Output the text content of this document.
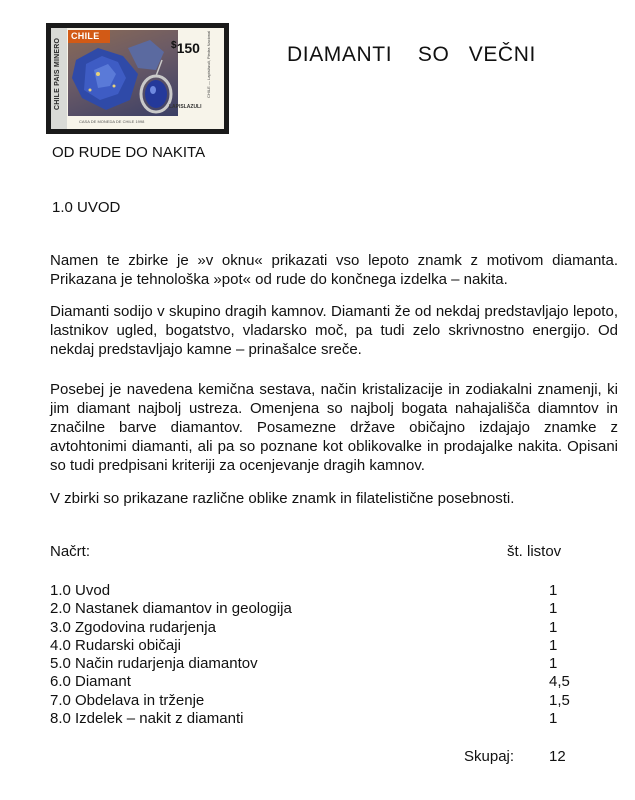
CHILE PAIS MINERO
CHILE
$150 CHILE — Lapislázuli, Piedra Nacional
LAPISLAZULI
CASA DE MONEDA DE CHILE 1998
DIAMANTI    SO   VEČNI
OD RUDE DO NAKITA
1.0 UVOD
Namen te zbirke je »v oknu« prikazati vso lepoto znamk z motivom diamanta. Prikazana je tehnološka »pot« od rude do končnega izdelka – nakita.
Diamanti sodijo v skupino dragih kamnov. Diamanti že od nekdaj predstavljajo lepoto, lastnikov ugled, bogatstvo, vladarsko moč, pa tudi zelo skrivnostno energijo. Od nekdaj predstavljajo kamne – prinašalce sreče.
Posebej je navedena kemična sestava, način kristalizacije in zodiakalni znamenji, ki jim diamant najbolj ustreza. Omenjena so najbolj bogata nahajališča diamntov in značilne barve diamantov. Posamezne države običajno izdajajo znamke z avtohtonimi diamanti, ali pa so poznane kot oblikovalke in prodajalke nakita. Opisani so tudi predpisani kriteriji za ocenjevanje dragih kamnov.
V zbirki so prikazane različne oblike znamk in filatelistične posebnosti.
Načrt:	št. listov
1.0 Uvod	1
2.0 Nastanek diamantov in geologija	1
3.0 Zgodovina rudarjenja	1
4.0 Rudarski običaji	1
5.0 Način rudarjenja diamantov	1
6.0 Diamant	4,5
7.0 Obdelava in trženje	1,5
8.0 Izdelek – nakit z diamanti	1
Skupaj: 12
